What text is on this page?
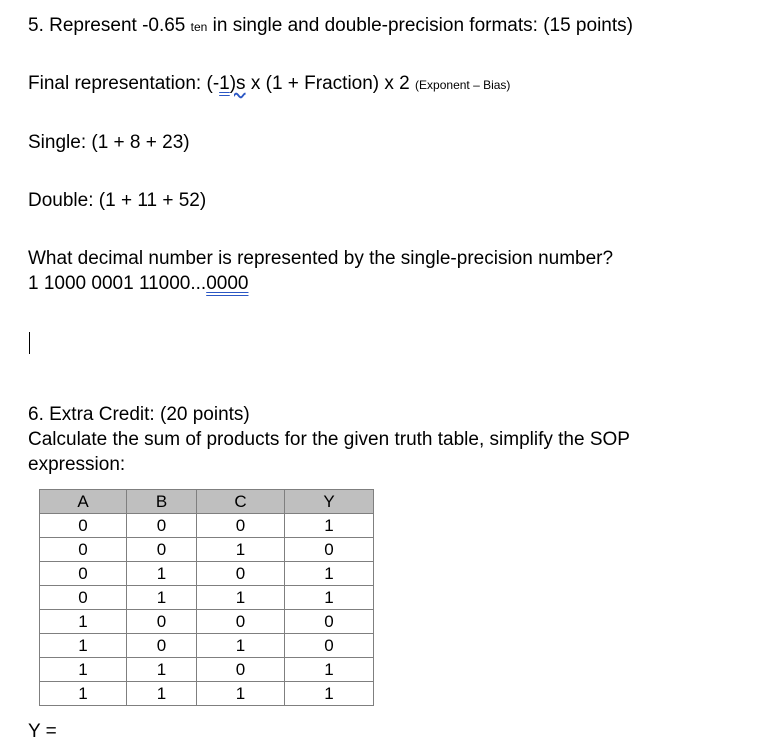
5. Represent -0.65 ten in single and double-precision formats: (15 points)
Final representation: (-1)s x (1 + Fraction) x 2 (Exponent – Bias)
Single: (1 + 8 + 23)
Double: (1 + 11 + 52)
What decimal number is represented by the single-precision number?
1 1000 0001 11000...0000
6. Extra Credit: (20 points)
Calculate the sum of products for the given truth table, simplify the SOP
expression:
A	B	C	Y
0	0	0	1
0	0	1	0
0	1	0	1
0	1	1	1
1	0	0	0
1	0	1	0
1	1	0	1
1	1	1	1
Y =
